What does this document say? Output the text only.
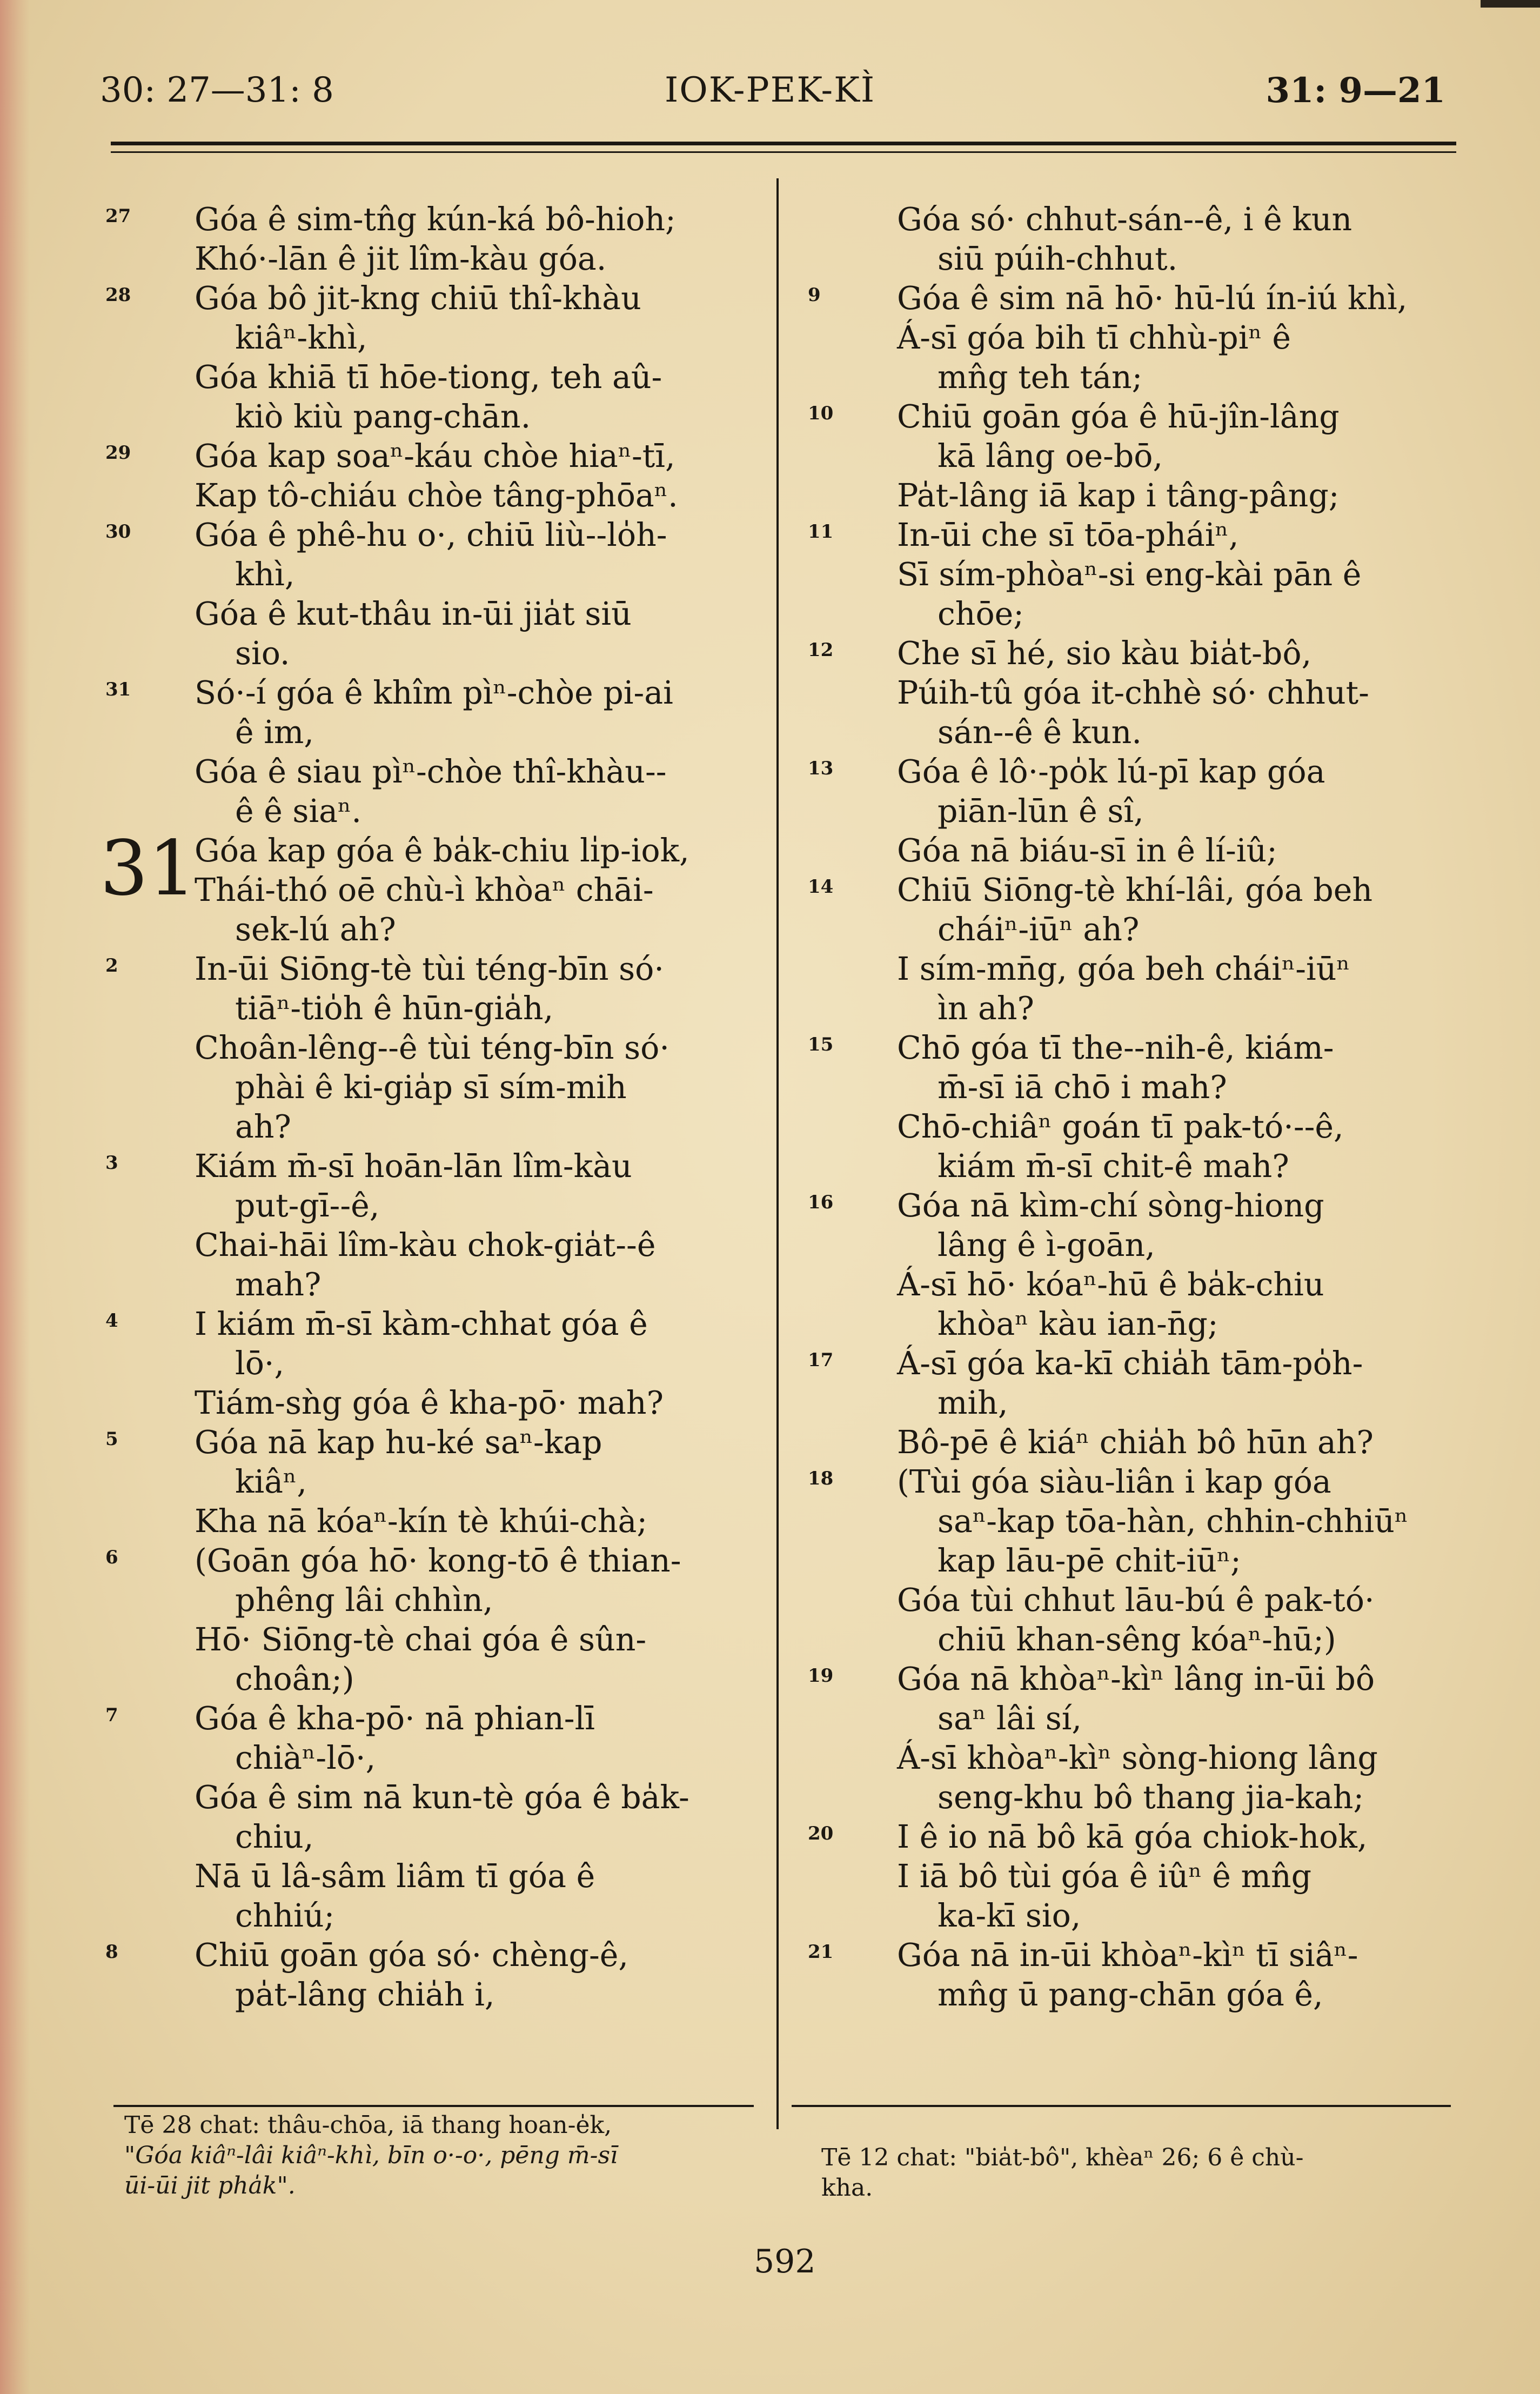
30: 27—31: 8	IOK-PEK-KÌ	31: 9—21
27 Góa ê sim-tn̂g kún-ká bô-hioh;
Khó·-lān ê jit lîm-kàu góa.
28 Góa bô jit-kng chiū thî-khàu
kiâⁿ-khì,
Góa khiā tī hōe-tiong, teh aû-
kiò kiù pang-chān.
29 Góa kap soaⁿ-káu chòe hiaⁿ-tī,
Kap tô-chiáu chòe tâng-phōaⁿ.
30 Góa ê phê-hu o·, chiū liù--lo̍h-
khì,
Góa ê kut-thâu in-ūi jia̍t siū
sio.
31 Só·-í góa ê khîm pìⁿ-chòe pi-ai
ê im,
Góa ê siau pìⁿ-chòe thî-khàu--
ê ê siaⁿ.
31
Góa kap góa ê ba̍k-chiu li̍p-iok,
Thái-thó oē chù-ì khòaⁿ chāi-
sek-lú ah?
2 In-ūi Siōng-tè tùi téng-bīn só·
tiāⁿ-tio̍h ê hūn-gia̍h,
Choân-lêng--ê tùi téng-bīn só·
phài ê ki-gia̍p sī sím-mih
ah?
3 Kiám m̄-sī hoān-lān lîm-kàu
put-gī--ê,
Chai-hāi lîm-kàu chok-gia̍t--ê
mah?
4 I kiám m̄-sī kàm-chhat góa ê
lō·,
Tiám-sǹg góa ê kha-pō· mah?
5 Góa nā kap hu-ké saⁿ-kap
kiâⁿ,
Kha nā kóaⁿ-kín tè khúi-chà;
6 (Goān góa hō· kong-tō ê thian-
phêng lâi chhìn,
Hō· Siōng-tè chai góa ê sûn-
choân;)
7 Góa ê kha-pō· nā phian-lī
chiàⁿ-lō·,
Góa ê sim nā kun-tè góa ê ba̍k-
chiu,
Nā ū lâ-sâm liâm tī góa ê
chhiú;
8 Chiū goān góa só· chèng-ê,
pa̍t-lâng chia̍h i,
Góa só· chhut-sán--ê, i ê kun
siū púih-chhut.
9 Góa ê sim nā hō· hū-lú ín-iú khì,
Á-sī góa bih tī chhù-piⁿ ê
mn̂g teh tán;
10 Chiū goān góa ê hū-jîn-lâng
kā lâng oe-bō,
Pa̍t-lâng iā kap i tâng-pâng;
11 In-ūi che sī tōa-pháiⁿ,
Sī sím-phòaⁿ-si eng-kài pān ê
chōe;
12 Che sī hé, sio kàu bia̍t-bô,
Púih-tû góa it-chhè só· chhut-
sán--ê ê kun.
13 Góa ê lô·-po̍k lú-pī kap góa
piān-lūn ê sî,
Góa nā biáu-sī in ê lí-iû;
14 Chiū Siōng-tè khí-lâi, góa beh
cháiⁿ-iūⁿ ah?
I sím-mn̄g, góa beh cháiⁿ-iūⁿ
ìn ah?
15 Chō góa tī the--nih-ê, kiám-
m̄-sī iā chō i mah?
Chō-chiâⁿ goán tī pak-tó·--ê,
kiám m̄-sī chit-ê mah?
16 Góa nā kìm-chí sòng-hiong
lâng ê ì-goān,
Á-sī hō· kóaⁿ-hū ê ba̍k-chiu
khòaⁿ kàu ian-n̄g;
17 Á-sī góa ka-kī chia̍h tām-po̍h-
mih,
Bô-pē ê kiáⁿ chia̍h bô hūn ah?
18 (Tùi góa siàu-liân i kap góa
saⁿ-kap tōa-hàn, chhin-chhiūⁿ
kap lāu-pē chit-iūⁿ;
Góa tùi chhut lāu-bú ê pak-tó·
chiū khan-sêng kóaⁿ-hū;)
19 Góa nā khòaⁿ-kìⁿ lâng in-ūi bô
saⁿ lâi sí,
Á-sī khòaⁿ-kìⁿ sòng-hiong lâng
seng-khu bô thang jia-kah;
20 I ê io nā bô kā góa chiok-hok,
I iā bô tùi góa ê iûⁿ ê mn̂g
ka-kī sio,
21 Góa nā in-ūi khòaⁿ-kìⁿ tī siâⁿ-
mn̂g ū pang-chān góa ê,
Tē 28 chat: thâu-chōa, iā thang hoan-e̍k,
"Góa kiâⁿ-lâi kiâⁿ-khì, bīn o·-o·, pēng m̄-sī
ūi-ūi jit pha̍k".
Tē 12 chat: "bia̍t-bô", khèaⁿ 26; 6 ê chù-
kha.
592
